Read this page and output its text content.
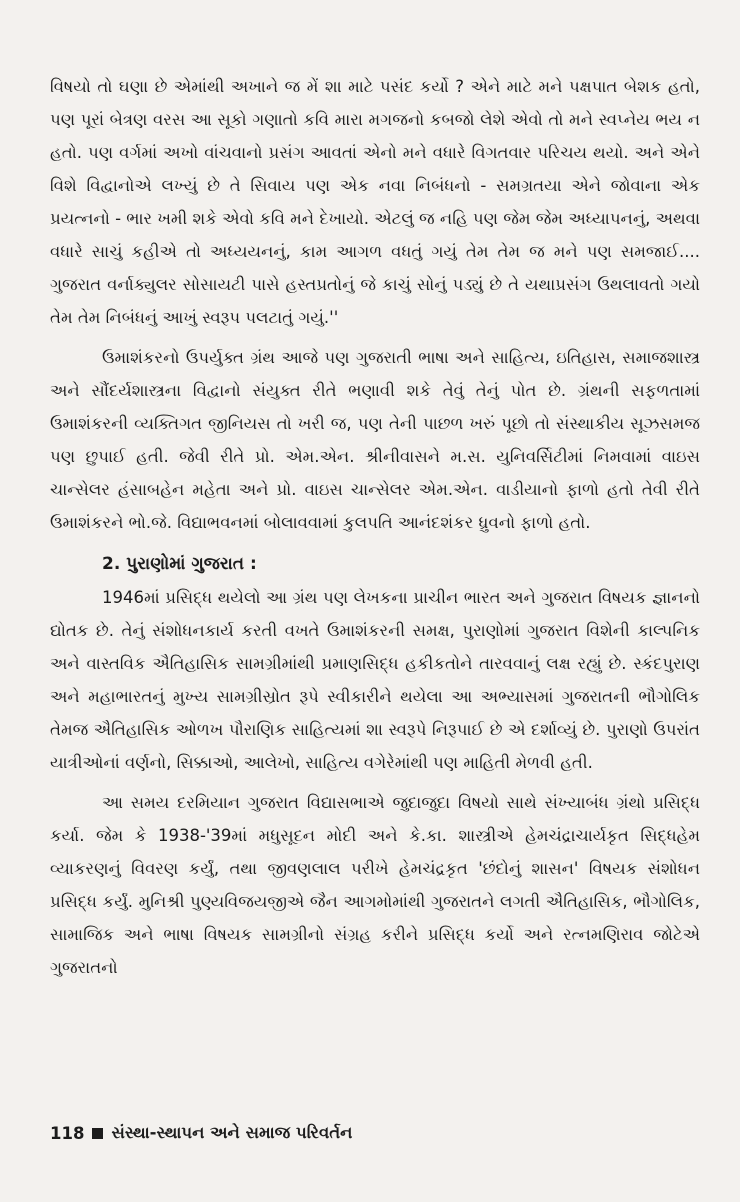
વિષયો તો ઘણા છે એમાંથી અખાને જ મેં શા માટે પસંદ કર્યો ? એને માટે મને પક્ષપાત બેશક હતો, પણ પૂરાં બેત્રણ વરસ આ સૂકો ગણાતો કવિ મારા મગજનો કબજો લેશે એવો તો મને સ્વપ્નેય ભય ન હતો. પણ વર્ગમાં અખો વાંચવાનો પ્રસંગ આવતાં એનો મને વધારે વિગતવાર પરિચય થયો. અને એને વિશે વિદ્વાનોએ લખ્યું છે તે સિવાય પણ એક નવા નિબંધનો - સમગ્રતયા એને જોવાના એક પ્રયત્નનો - ભાર ખમી શકે એવો કવિ મને દેખાયો. એટલું જ નહિ પણ જેમ જેમ અધ્યાપનનું, અથવા વધારે સાચું કહીએ તો અધ્યયનનું, કામ આગળ વધતું ગયું તેમ તેમ જ મને પણ સમજાઈ.... ગુજરાત વર્નાક્યુલર સોસાયટી પાસે હસ્તપ્રતોનું જે કાચું સોનું પડ્યું છે તે યથાપ્રસંગ ઉથલાવતો ગયો તેમ તેમ નિબંધનું આખું સ્વરૂપ પલટાતું ગયું.''

ઉમાશંકરનો ઉપર્યુક્ત ગ્રંથ આજે પણ ગુજરાતી ભાષા અને સાહિત્ય, ઇતિહાસ, સમાજશાસ્ત્ર અને સૌંદર્યશાસ્ત્રના વિદ્વાનો સંયુક્ત રીતે ભણાવી શકે તેવું તેનું પોત છે. ગ્રંથની સફળતામાં ઉમાશંકરની વ્યક્તિગત જીનિયસ તો ખરી જ, પણ તેની પાછળ ખરું પૂછો તો સંસ્થાકીય સૂઝસમજ પણ છુપાઈ હતી. જેવી રીતે પ્રો. એમ.એન. શ્રીનીવાસને મ.સ. યુનિવર્સિટીમાં નિમવામાં વાઇસ ચાન્સેલર હંસાબહેન મહેતા અને પ્રો. વાઇસ ચાન્સેલર એમ.એન. વાડીયાનો ફાળો હતો તેવી રીતે ઉમાશંકરને ભો.જે. વિદ્યાભવનમાં બોલાવવામાં કુલપતિ આનંદશંકર ધ્રુવનો ફાળો હતો.

2. પુરાણોમાં ગુજરાત :

1946માં પ્રસિદ્ધ થયેલો આ ગ્રંથ પણ લેખકના પ્રાચીન ભારત અને ગુજરાત વિષયક જ્ઞાનનો દ્યોતક છે. તેનું સંશોધનકાર્ય કરતી વખતે ઉમાશંકરની સમક્ષ, પુરાણોમાં ગુજરાત વિશેની કાલ્પનિક અને વાસ્તવિક ઐતિહાસિક સામગ્રીમાંથી પ્રમાણસિદ્ધ હકીકતોને તારવવાનું લક્ષ રહ્યું છે. સ્કંદપુરાણ અને મહાભારતનું મુખ્ય સામગ્રીસ્રોત રૂપે સ્વીકારીને થયેલા આ અભ્યાસમાં ગુજરાતની ભૌગોલિક તેમજ ઐતિહાસિક ઓળખ પૌરાણિક સાહિત્યમાં શા સ્વરૂપે નિરૂપાઈ છે એ દર્શાવ્યું છે. પુરાણો ઉપરાંત યાત્રીઓનાં વર્ણનો, સિક્કાઓ, આલેખો, સાહિત્ય વગેરેમાંથી પણ માહિતી મેળવી હતી.

આ સમય દરમિયાન ગુજરાત વિદ્યાસભાએ જુદાજુદા વિષયો સાથે સંખ્યાબંધ ગ્રંથો પ્રસિદ્ધ કર્યા. જેમ કે 1938-'39માં મધુસૂદન મોદી અને કે.કા. શાસ્ત્રીએ હેમચંદ્રાચાર્યકૃત સિદ્ધહેમ વ્યાકરણનું વિવરણ કર્યું, તથા જીવણલાલ પરીખે હેમચંદ્રકૃત 'છંદોનું શાસન' વિષયક સંશોધન પ્રસિદ્ધ કર્યું. મુનિશ્રી પુણ્યવિજયજીએ જૈન આગમોમાંથી ગુજરાતને લગતી ઐતિહાસિક, ભૌગોલિક, સામાજિક અને ભાષા વિષયક સામગ્રીનો સંગ્રહ કરીને પ્રસિદ્ધ કર્યો અને રત્નમણિરાવ જોટેએ ગુજરાતનો

118 સંસ્થા-સ્થાપન અને સમાજ પરિવર્તન
